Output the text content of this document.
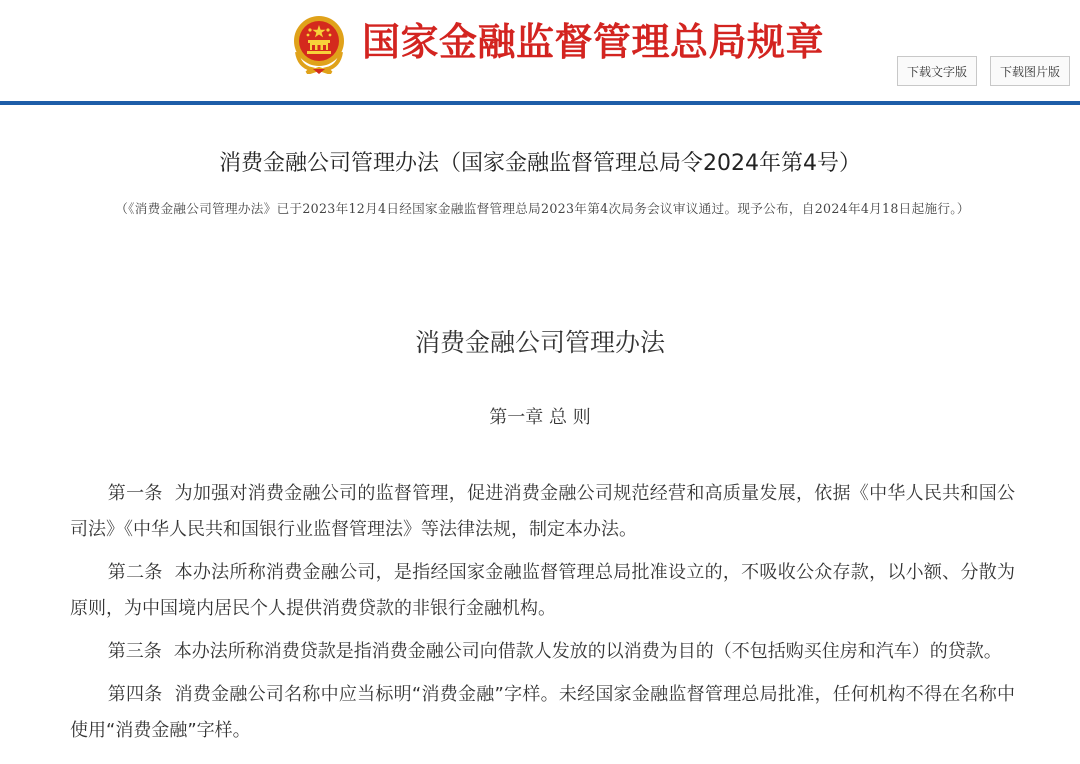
国家金融监督管理总局规章
下载文字版	下载图片版
消费金融公司管理办法（国家金融监督管理总局令2024年第4号）
（《消费金融公司管理办法》已于2023年12月4日经国家金融监督管理总局2023年第4次局务会议审议通过。现予公布，自2024年4月18日起施行。）
消费金融公司管理办法
第一章 总 则

第一条 为加强对消费金融公司的监督管理，促进消费金融公司规范经营和高质量发展，依据《中华人民共和国公司法》《中华人民共和国银行业监督管理法》等法律法规，制定本办法。

第二条 本办法所称消费金融公司，是指经国家金融监督管理总局批准设立的，不吸收公众存款，以小额、分散为原则，为中国境内居民个人提供消费贷款的非银行金融机构。

第三条 本办法所称消费贷款是指消费金融公司向借款人发放的以消费为目的（不包括购买住房和汽车）的贷款。

第四条 消费金融公司名称中应当标明“消费金融”字样。未经国家金融监督管理总局批准，任何机构不得在名称中使用“消费金融”字样。
